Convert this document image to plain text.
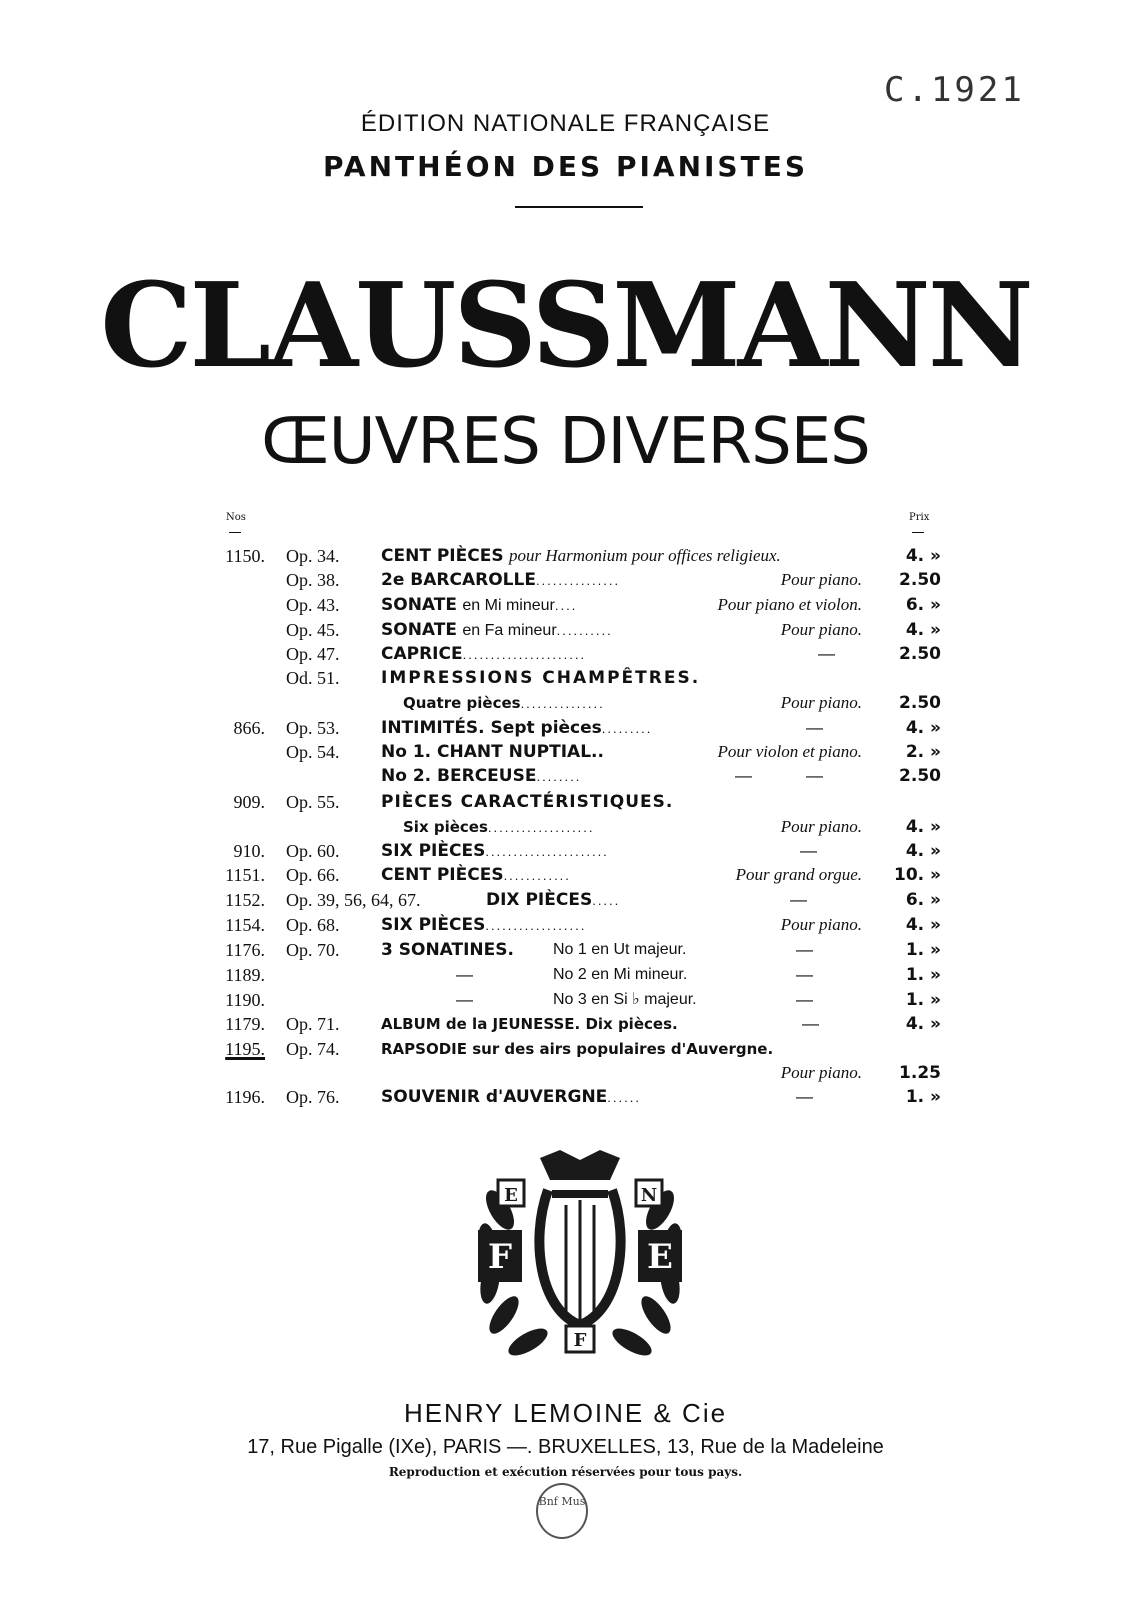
C.1921
ÉDITION NATIONALE FRANÇAISE
PANTHÉON DES PIANISTES
CLAUSSMANN
ŒUVRES DIVERSES
Nos	Prix
1150. Op. 34. CENT PIÈCES pour Harmonium pour offices religieux.	4. »
Op. 38. 2e BARCAROLLE...............	Pour piano. 2.50
Op. 43. SONATE en Mi mineur....	Pour piano et violon.	6. »
Op. 45. SONATE en Fa mineur..........	Pour piano.	4. »
Op. 47. CAPRICE......................	—	2.50
Od. 51. IMPRESSIONS CHAMPÊTRES.
Quatre pièces...............	Pour piano. 2.50
866. Op. 53. INTIMITÉS. Sept pièces.........	—	4. »
Op. 54. No 1. CHANT NUPTIAL..	Pour violon et piano.	2. »
No 2. BERCEUSE........	—	—	2.50
909. Op. 55. PIÈCES CARACTÉRISTIQUES.
Six pièces...................	Pour piano.	4. »
910. Op. 60. SIX PIÈCES......................	—	4. »
1151. Op. 66. CENT PIÈCES............	Pour grand orgue. 10. »
1152. Op. 39, 56, 64, 67.	DIX PIÈCES.....	—	6. »
1154. Op. 68. SIX PIÈCES..................	Pour piano.	4. »
1176. Op. 70. 3 SONATINES. No 1 en Ut majeur.	—	1. »
1189.	—	No 2 en Mi mineur.	—	1. »
1190.	—	No 3 en Si ♭ majeur.	—	1. »
1179. Op. 71.	ALBUM de la JEUNESSE. Dix pièces.	—	4. »
1195. Op. 74.	RAPSODIE sur des airs populaires d'Auvergne.
Pour piano. 1.25
1196. Op. 76. SOUVENIR d'AUVERGNE......	—	1. »
E	N
F	E
F
HENRY LEMOINE & Cie
17, Rue Pigalle (IXe), PARIS —. BRUXELLES, 13, Rue de la Madeleine
Reproduction et exécution réservées pour tous pays.
Bnf Mus
